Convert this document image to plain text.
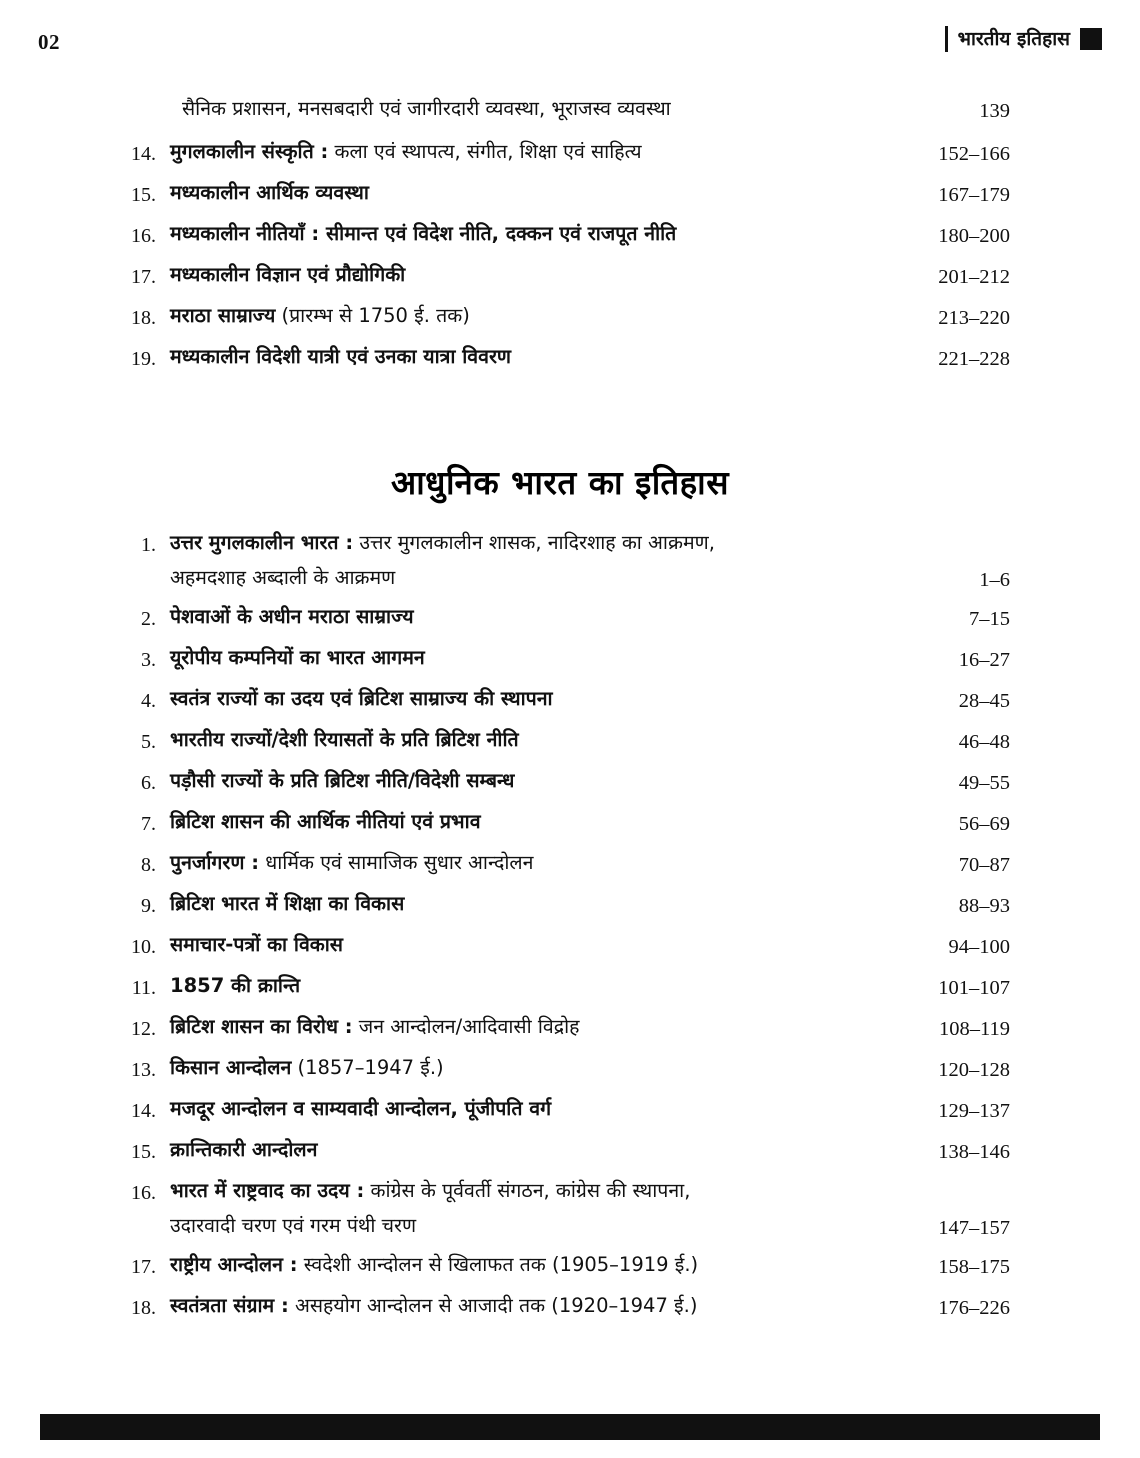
02	भारतीय इतिहास
सैनिक प्रशासन, मनसबदारी एवं जागीरदारी व्यवस्था, भूराजस्व व्यवस्था	139
14. मुगलकालीन संस्कृति : कला एवं स्थापत्य, संगीत, शिक्षा एवं साहित्य	152–166
15. मध्यकालीन आर्थिक व्यवस्था	167–179
16. मध्यकालीन नीतियाँ : सीमान्त एवं विदेश नीति, दक्कन एवं राजपूत नीति	180–200
17. मध्यकालीन विज्ञान एवं प्रौद्योगिकी	201–212
18. मराठा साम्राज्य (प्रारम्भ से 1750 ई. तक)	213–220
19. मध्यकालीन विदेशी यात्री एवं उनका यात्रा विवरण	221–228
आधुनिक भारत का इतिहास
1. उत्तर मुगलकालीन भारत : उत्तर मुगलकालीन शासक, नादिरशाह का आक्रमण,
अहमदशाह अब्दाली के आक्रमण	1–6
2. पेशवाओं के अधीन मराठा साम्राज्य	7–15
3. यूरोपीय कम्पनियों का भारत आगमन	16–27
4. स्वतंत्र राज्यों का उदय एवं ब्रिटिश साम्राज्य की स्थापना	28–45
5. भारतीय राज्यों/देशी रियासतों के प्रति ब्रिटिश नीति	46–48
6. पड़ौसी राज्यों के प्रति ब्रिटिश नीति/विदेशी सम्बन्ध	49–55
7. ब्रिटिश शासन की आर्थिक नीतियां एवं प्रभाव	56–69
8. पुनर्जागरण : धार्मिक एवं सामाजिक सुधार आन्दोलन	70–87
9. ब्रिटिश भारत में शिक्षा का विकास	88–93
10. समाचार-पत्रों का विकास	94–100
11. 1857 की क्रान्ति	101–107
12. ब्रिटिश शासन का विरोध : जन आन्दोलन/आदिवासी विद्रोह	108–119
13. किसान आन्दोलन (1857–1947 ई.)	120–128
14. मजदूर आन्दोलन व साम्यवादी आन्दोलन, पूंजीपति वर्ग	129–137
15. क्रान्तिकारी आन्दोलन	138–146
16. भारत में राष्ट्रवाद का उदय : कांग्रेस के पूर्ववर्ती संगठन, कांग्रेस की स्थापना,
उदारवादी चरण एवं गरम पंथी चरण	147–157
17. राष्ट्रीय आन्दोलन : स्वदेशी आन्दोलन से खिलाफत तक (1905–1919 ई.)	158–175
18. स्वतंत्रता संग्राम : असहयोग आन्दोलन से आजादी तक (1920–1947 ई.)	176–226
